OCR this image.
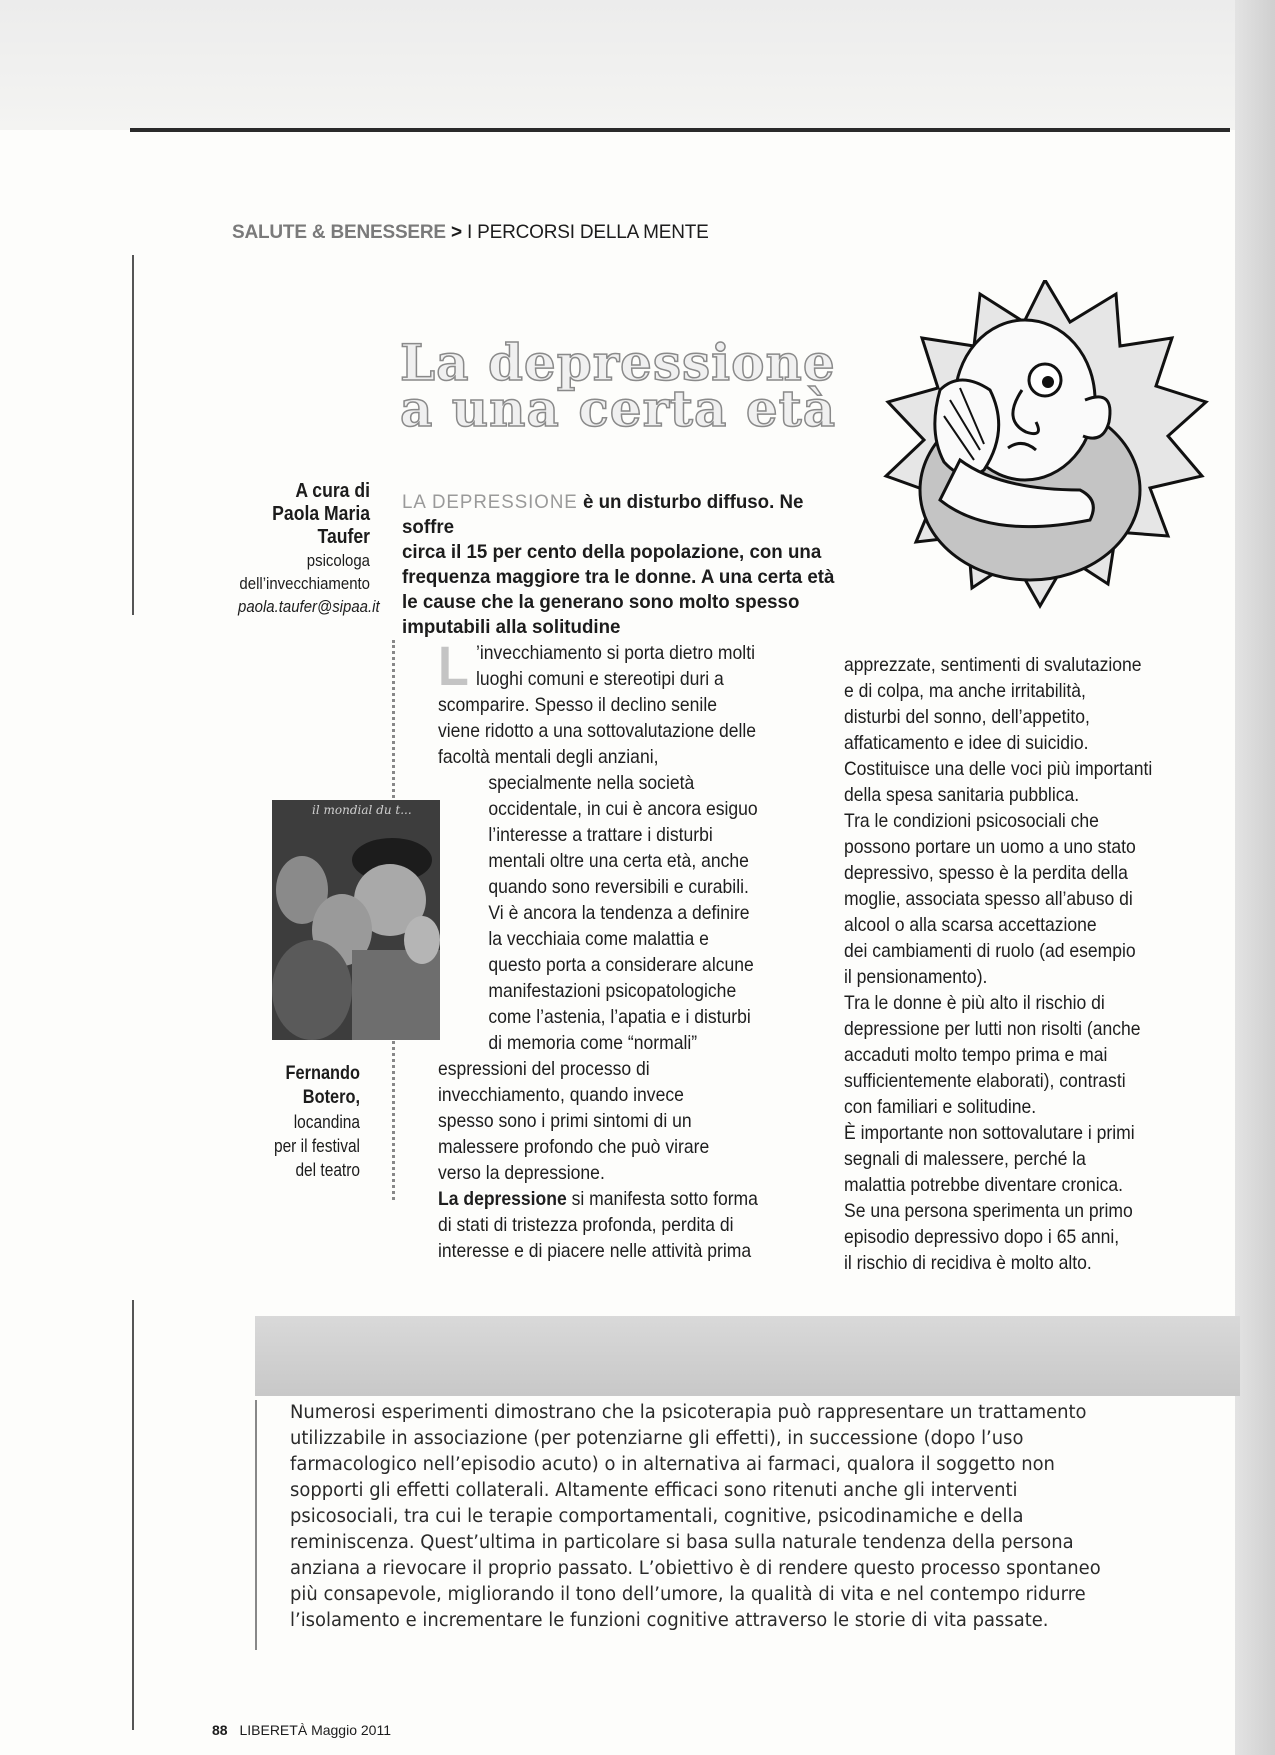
SALUTE & BENESSERE > I PERCORSI DELLA MENTE
La depressione
a una certa età
A cura di
Paola Maria
Taufer
psicologa
dell’invecchiamento
paola.taufer@sipaa.it
LA DEPRESSIONE è un disturbo diffuso. Ne soffre
circa il 15 per cento della popolazione, con una
frequenza maggiore tra le donne. A una certa età
le cause che la generano sono molto spesso
imputabili alla solitudine
il mondial du t...
Fernando
Botero,
locandina
per il festival
del teatro
L ’invecchiamento si porta dietro molti
luoghi comuni e stereotipi duri a
scomparire. Spesso il declino senile
viene ridotto a una sottovalutazione delle
facoltà mentali degli anziani,
specialmente nella società
occidentale, in cui è ancora esiguo
l’interesse a trattare i disturbi
mentali oltre una certa età, anche
quando sono reversibili e curabili.
Vi è ancora la tendenza a definire
la vecchiaia come malattia e
questo porta a considerare alcune
manifestazioni psicopatologiche
come l’astenia, l’apatia e i disturbi
di memoria come “normali”
espressioni del processo di
invecchiamento, quando invece
spesso sono i primi sintomi di un
malessere profondo che può virare
verso la depressione.
La depressione si manifesta sotto forma
di stati di tristezza profonda, perdita di
interesse e di piacere nelle attività prima
apprezzate, sentimenti di svalutazione
e di colpa, ma anche irritabilità,
disturbi del sonno, dell’appetito,
affaticamento e idee di suicidio.
Costituisce una delle voci più importanti
della spesa sanitaria pubblica.
Tra le condizioni psicosociali che
possono portare un uomo a uno stato
depressivo, spesso è la perdita della
moglie, associata spesso all’abuso di
alcool o alla scarsa accettazione
dei cambiamenti di ruolo (ad esempio
il pensionamento).
Tra le donne è più alto il rischio di
depressione per lutti non risolti (anche
accaduti molto tempo prima e mai
sufficientemente elaborati), contrasti
con familiari e solitudine.
È importante non sottovalutare i primi
segnali di malessere, perché la
malattia potrebbe diventare cronica.
Se una persona sperimenta un primo
episodio depressivo dopo i 65 anni,
il rischio di recidiva è molto alto.
Numerosi esperimenti dimostrano che la psicoterapia può rappresentare un trattamento
utilizzabile in associazione (per potenziarne gli effetti), in successione (dopo l’uso
farmacologico nell’episodio acuto) o in alternativa ai farmaci, qualora il soggetto non
sopporti gli effetti collaterali. Altamente efficaci sono ritenuti anche gli interventi
psicosociali, tra cui le terapie comportamentali, cognitive, psicodinamiche e della
reminiscenza. Quest’ultima in particolare si basa sulla naturale tendenza della persona
anziana a rievocare il proprio passato. L’obiettivo è di rendere questo processo spontaneo
più consapevole, migliorando il tono dell’umore, la qualità di vita e nel contempo ridurre
l’isolamento e incrementare le funzioni cognitive attraverso le storie di vita passate.
88 LIBERETÀ Maggio 2011
